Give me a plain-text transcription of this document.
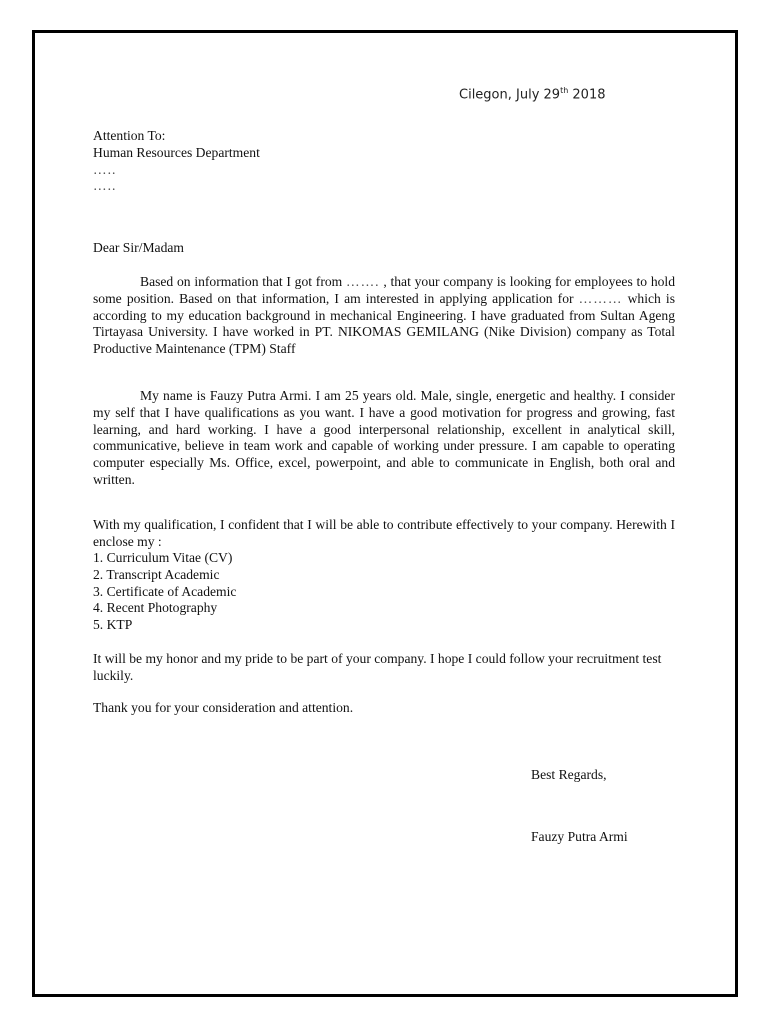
Cilegon, July 29th 2018
Attention To:
Human Resources Department
…..
…..
Dear Sir/Madam
Based on information that I got from ……. , that your company is looking for employees to hold some position. Based on that information, I am interested in applying application for ……… which is according to my education background in mechanical Engineering. I have graduated from Sultan Ageng Tirtayasa University. I have worked in PT. NIKOMAS GEMILANG (Nike Division) company as Total Productive Maintenance (TPM) Staff
My name is Fauzy Putra Armi. I am 25 years old. Male, single, energetic and healthy. I consider my self that I have qualifications as you want. I have a good motivation for progress and growing, fast learning, and hard working. I have a good interpersonal relationship, excellent in analytical skill, communicative, believe in team work and capable of working under pressure. I am capable to operating computer especially Ms. Office, excel, powerpoint, and able to communicate in English, both oral and written.
With my qualification, I confident that I will be able to contribute effectively to your company. Herewith I enclose my :
1. Curriculum Vitae (CV)
2. Transcript Academic
3. Certificate of Academic
4. Recent Photography
5. KTP
It will be my honor and my pride to be part of your company. I hope I could follow your recruitment test luckily.
Thank you for your consideration and attention.
Best Regards,
Fauzy Putra Armi
